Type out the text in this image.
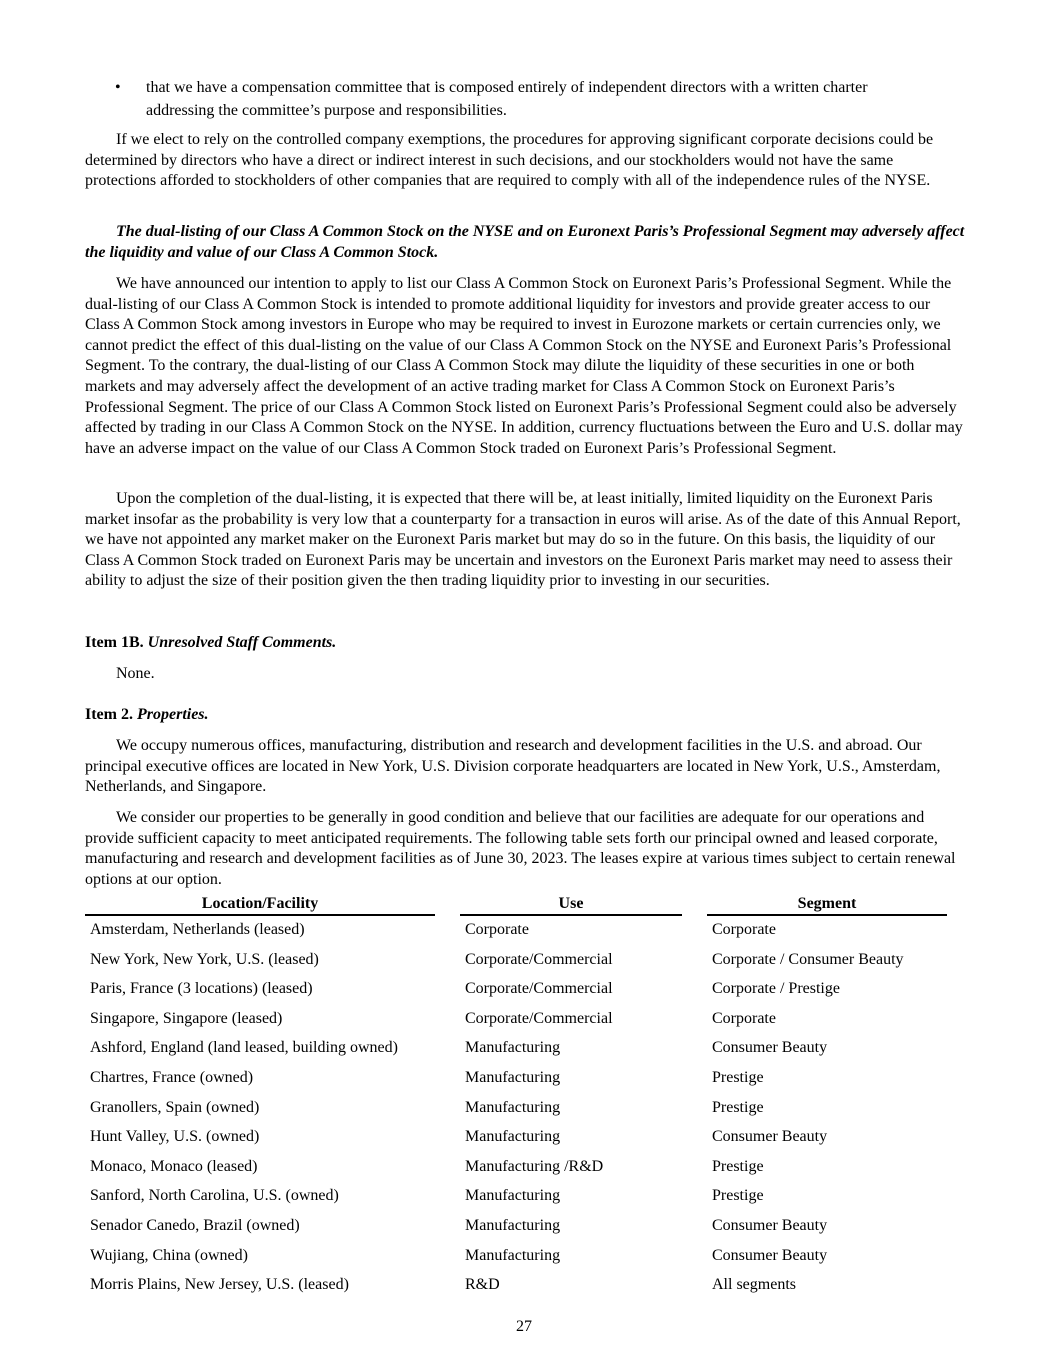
• that we have a compensation committee that is composed entirely of independent directors with a written charter addressing the committee’s purpose and responsibilities.

If we elect to rely on the controlled company exemptions, the procedures for approving significant corporate decisions could be determined by directors who have a direct or indirect interest in such decisions, and our stockholders would not have the same protections afforded to stockholders of other companies that are required to comply with all of the independence rules of the NYSE.

The dual-listing of our Class A Common Stock on the NYSE and on Euronext Paris’s Professional Segment may adversely affect the liquidity and value of our Class A Common Stock.

We have announced our intention to apply to list our Class A Common Stock on Euronext Paris’s Professional Segment. While the dual-listing of our Class A Common Stock is intended to promote additional liquidity for investors and provide greater access to our Class A Common Stock among investors in Europe who may be required to invest in Eurozone markets or certain currencies only, we cannot predict the effect of this dual-listing on the value of our Class A Common Stock on the NYSE and Euronext Paris’s Professional Segment. To the contrary, the dual-listing of our Class A Common Stock may dilute the liquidity of these securities in one or both markets and may adversely affect the development of an active trading market for Class A Common Stock on Euronext Paris’s Professional Segment. The price of our Class A Common Stock listed on Euronext Paris’s Professional Segment could also be adversely affected by trading in our Class A Common Stock on the NYSE. In addition, currency fluctuations between the Euro and U.S. dollar may have an adverse impact on the value of our Class A Common Stock traded on Euronext Paris’s Professional Segment.

Upon the completion of the dual-listing, it is expected that there will be, at least initially, limited liquidity on the Euronext Paris market insofar as the probability is very low that a counterparty for a transaction in euros will arise. As of the date of this Annual Report, we have not appointed any market maker on the Euronext Paris market but may do so in the future. On this basis, the liquidity of our Class A Common Stock traded on Euronext Paris may be uncertain and investors on the Euronext Paris market may need to assess their ability to adjust the size of their position given the then trading liquidity prior to investing in our securities.

Item 1B. Unresolved Staff Comments.

None.

Item 2. Properties.

We occupy numerous offices, manufacturing, distribution and research and development facilities in the U.S. and abroad. Our principal executive offices are located in New York, U.S. Division corporate headquarters are located in New York, U.S., Amsterdam, Netherlands, and Singapore.

We consider our properties to be generally in good condition and believe that our facilities are adequate for our operations and provide sufficient capacity to meet anticipated requirements. The following table sets forth our principal owned and leased corporate, manufacturing and research and development facilities as of June 30, 2023. The leases expire at various times subject to certain renewal options at our option.

Location/Facility		Use		Segment

Amsterdam, Netherlands (leased)		Corporate		Corporate
New York, New York, U.S. (leased)		Corporate/Commercial		Corporate / Consumer Beauty
Paris, France (3 locations) (leased)		Corporate/Commercial		Corporate / Prestige
Singapore, Singapore (leased)		Corporate/Commercial		Corporate
Ashford, England (land leased, building owned)		Manufacturing		Consumer Beauty
Chartres, France (owned)		Manufacturing		Prestige
Granollers, Spain (owned)		Manufacturing		Prestige
Hunt Valley, U.S. (owned)		Manufacturing		Consumer Beauty
Monaco, Monaco (leased)		Manufacturing /R&D		Prestige
Sanford, North Carolina, U.S. (owned)		Manufacturing		Prestige
Senador Canedo, Brazil (owned)		Manufacturing		Consumer Beauty
Wujiang, China (owned)		Manufacturing		Consumer Beauty
Morris Plains, New Jersey, U.S. (leased)		R&D		All segments
27
